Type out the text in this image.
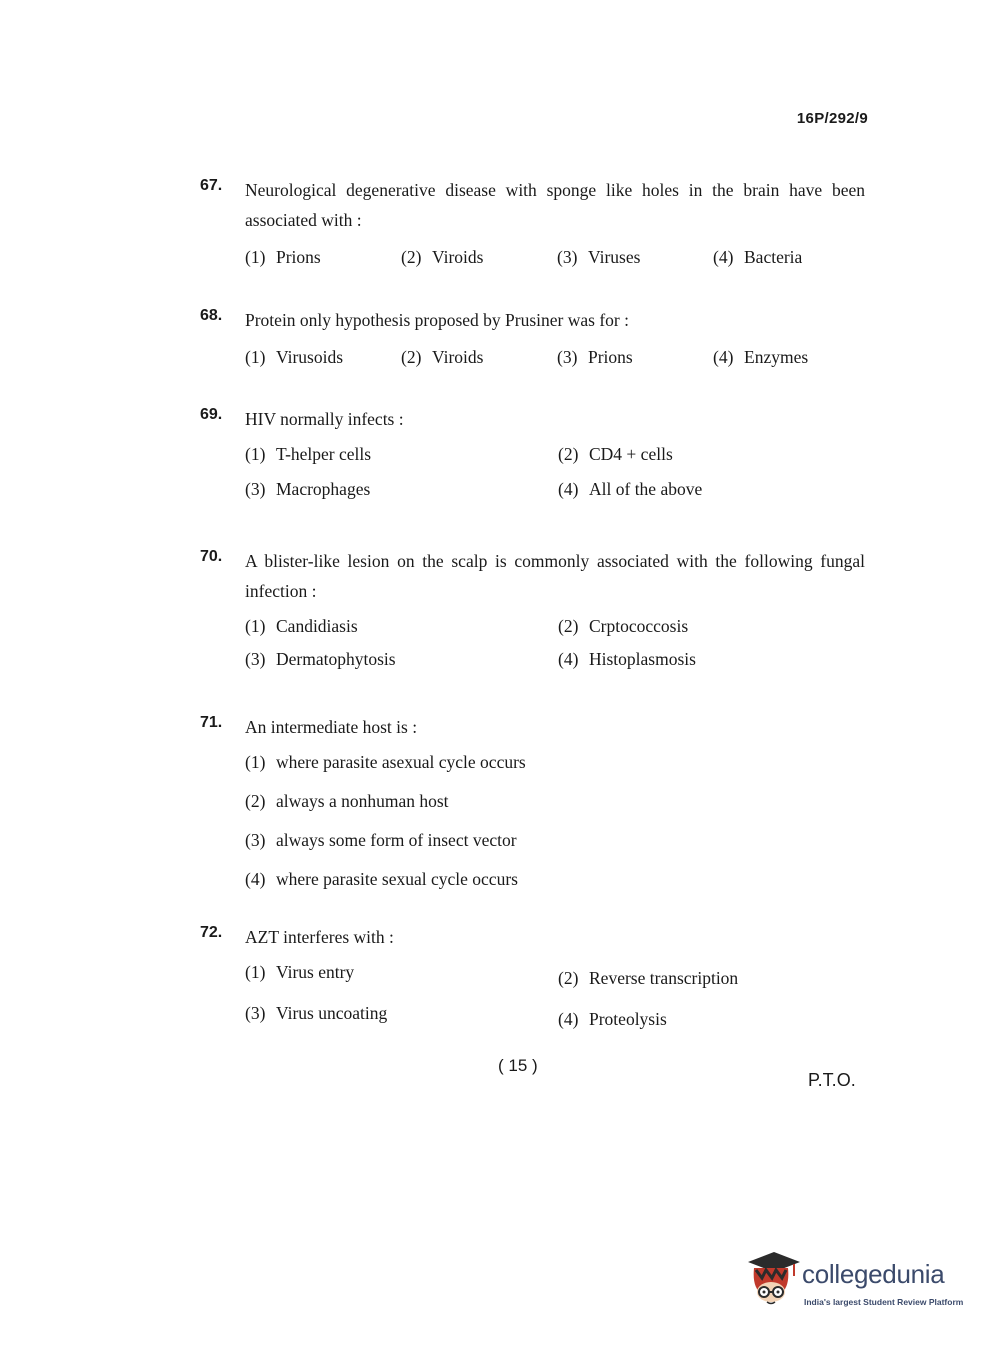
16P/292/9
67.	Neurological degenerative disease with sponge like holes in the brain have been associated with :
(1) Prions	(2) Viroids	(3) Viruses	(4) Bacteria
68.	Protein only hypothesis proposed by Prusiner was for :
(1) Virusoids	(2) Viroids	(3) Prions	(4) Enzymes
69.	HIV normally infects :
(1) T-helper cells	(2) CD4 + cells
(3) Macrophages	(4) All of the above
70.	A blister-like lesion on the scalp is commonly associated with the following fungal infection :
(1) Candidiasis	(2) Crptococcosis
(3) Dermatophytosis	(4) Histoplasmosis
71.	An intermediate host is :
(1) where parasite asexual cycle occurs
(2) always a nonhuman host
(3) always some form of insect vector
(4) where parasite sexual cycle occurs
72.	AZT interferes with :
(1) Virus entry	(2) Reverse transcription
(3) Virus uncoating	(4) Proteolysis
( 15 )
P.T.O.
collegedunia
India's largest Student Review Platform
